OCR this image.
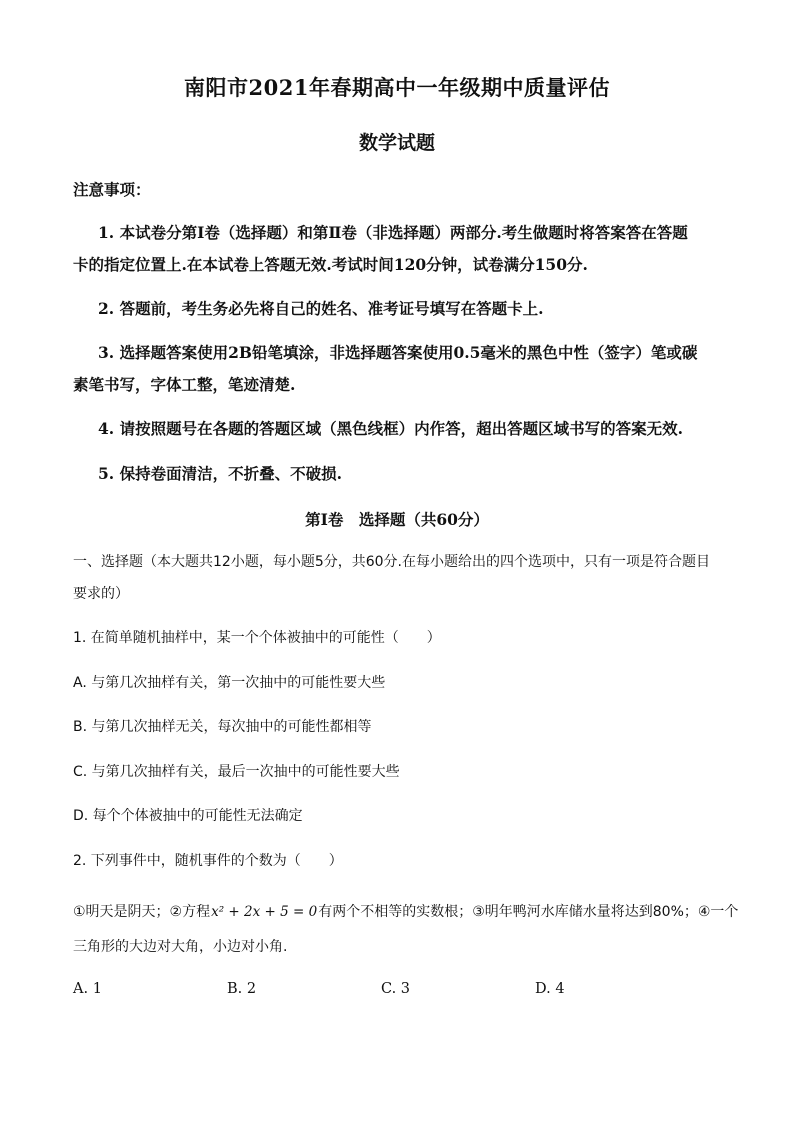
南阳市2021年春期高中一年级期中质量评估
数学试题
注意事项：
1. 本试卷分第Ⅰ卷（选择题）和第Ⅱ卷（非选择题）两部分.考生做题时将答案答在答题
卡的指定位置上.在本试卷上答题无效.考试时间120分钟，试卷满分150分.
2. 答题前，考生务必先将自己的姓名、准考证号填写在答题卡上.
3. 选择题答案使用2B铅笔填涂，非选择题答案使用0.5毫米的黑色中性（签字）笔或碳
素笔书写，字体工整，笔迹清楚.
4. 请按照题号在各题的答题区域（黑色线框）内作答，超出答题区域书写的答案无效.
5. 保持卷面清洁，不折叠、不破损.
第Ⅰ卷　选择题（共60分）
一、选择题（本大题共12小题，每小题5分，共60分.在每小题给出的四个选项中，只有一项是符合题目
要求的）
1. 在简单随机抽样中，某一个个体被抽中的可能性（　　）
A. 与第几次抽样有关，第一次抽中的可能性要大些
B. 与第几次抽样无关，每次抽中的可能性都相等
C. 与第几次抽样有关，最后一次抽中的可能性要大些
D. 每个个体被抽中的可能性无法确定
2. 下列事件中，随机事件的个数为（　　）
①明天是阴天；②方程x² + 2x + 5 = 0有两个不相等的实数根；③明年鸭河水库储水量将达到80%；④一个
三角形的大边对大角，小边对小角.
A. 1	B. 2	C. 3	D. 4
